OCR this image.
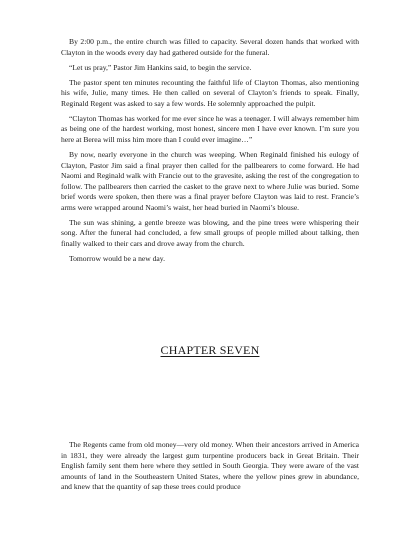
By 2:00 p.m., the entire church was filled to capacity. Several dozen hands that worked with Clayton in the woods every day had gathered outside for the funeral.

“Let us pray,” Pastor Jim Hankins said, to begin the service.

The pastor spent ten minutes recounting the faithful life of Clayton Thomas, also mentioning his wife, Julie, many times. He then called on several of Clayton’s friends to speak. Finally, Reginald Regent was asked to say a few words. He solemnly approached the pulpit.

“Clayton Thomas has worked for me ever since he was a teenager. I will always remember him as being one of the hardest working, most honest, sincere men I have ever known. I’m sure you here at Berea will miss him more than I could ever imagine…”

By now, nearly everyone in the church was weeping. When Reginald finished his eulogy of Clayton, Pastor Jim said a final prayer then called for the pallbearers to come forward. He had Naomi and Reginald walk with Francie out to the gravesite, asking the rest of the congregation to follow. The pallbearers then carried the casket to the grave next to where Julie was buried. Some brief words were spoken, then there was a final prayer before Clayton was laid to rest. Francie’s arms were wrapped around Naomi’s waist, her head buried in Naomi’s blouse.

The sun was shining, a gentle breeze was blowing, and the pine trees were whispering their song. After the funeral had concluded, a few small groups of people milled about talking, then finally walked to their cars and drove away from the church.

Tomorrow would be a new day.

CHAPTER SEVEN

The Regents came from old money—very old money. When their ancestors arrived in America in 1831, they were already the largest gum turpentine producers back in Great Britain. Their English family sent them here where they settled in South Georgia. They were aware of the vast amounts of land in the Southeastern United States, where the yellow pines grew in abundance, and knew that the quantity of sap these trees could produce
